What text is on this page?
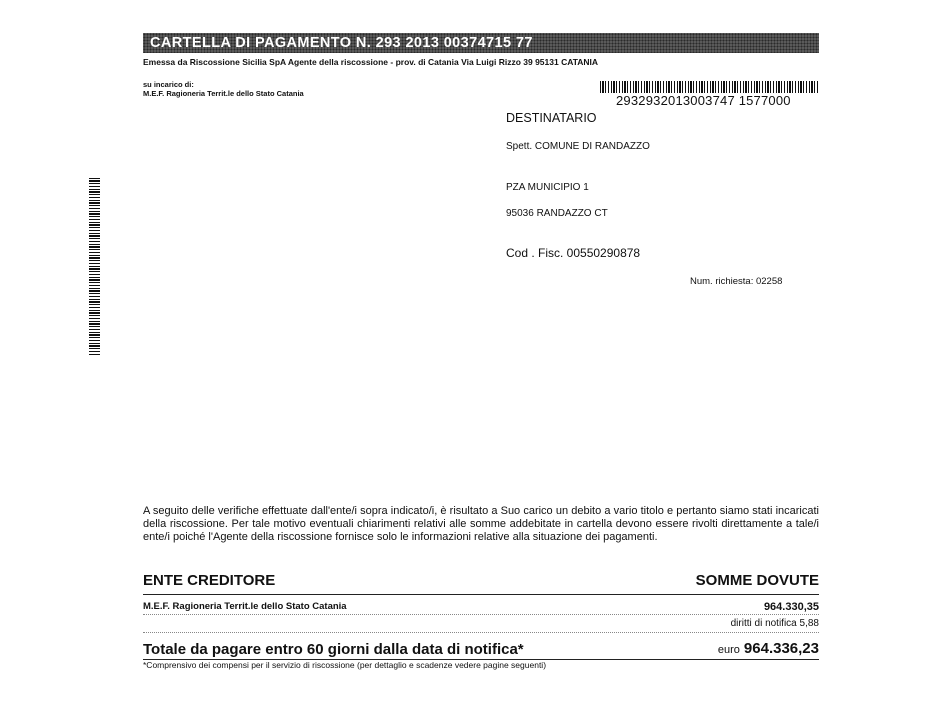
CARTELLA DI PAGAMENTO N. 293 2013 00374715 77
Emessa da Riscossione Sicilia SpA Agente della riscossione - prov. di Catania Via Luigi Rizzo 39 95131 CATANIA
su incarico di:
M.E.F. Ragioneria Territ.le dello Stato Catania	2932932013003747 1577000
DESTINATARIO
Spett. COMUNE DI RANDAZZO
PZA MUNICIPIO 1
95036 RANDAZZO CT
Cod . Fisc. 00550290878
Num. richiesta: 02258
A seguito delle verifiche effettuate dall'ente/i sopra indicato/i, è risultato a Suo carico un debito a vario titolo e pertanto siamo stati incaricati della riscossione. Per tale motivo eventuali chiarimenti relativi alle somme addebitate in cartella devono essere rivolti direttamente a tale/i ente/i poiché l'Agente della riscossione fornisce solo le informazioni relative alla situazione dei pagamenti.
ENTE CREDITORE	SOMME DOVUTE
M.E.F. Ragioneria Territ.le dello Stato Catania	964.330,35
diritti di notifica 5,88
Totale da pagare entro 60 giorni dalla data di notifica*	euro 964.336,23
*Comprensivo dei compensi per il servizio di riscossione (per dettaglio e scadenze vedere pagine seguenti)
